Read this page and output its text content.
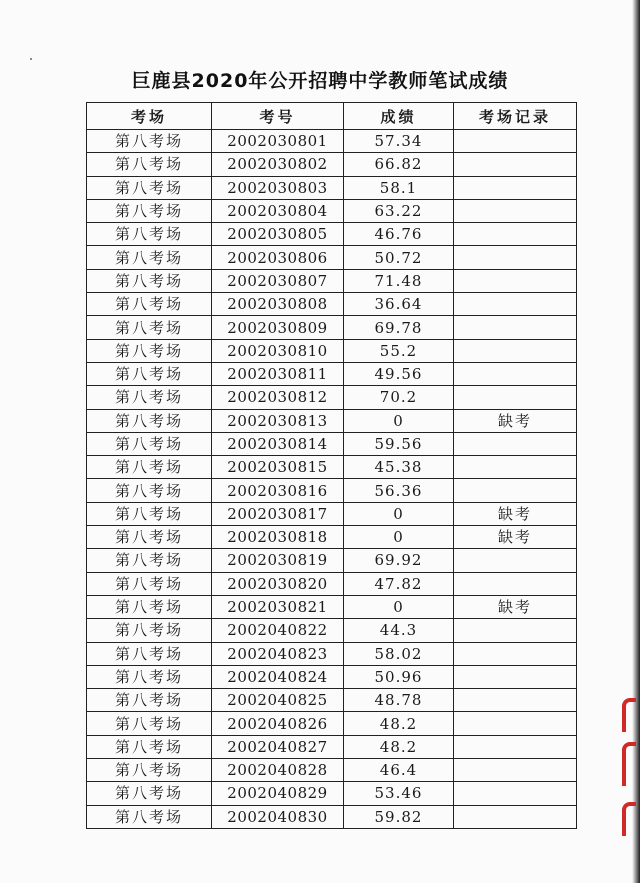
巨鹿县2020年公开招聘中学教师笔试成绩
考场	考号	成绩	考场记录
第八考场	2002030801	57.34	
第八考场	2002030802	66.82	
第八考场	2002030803	58.1	
第八考场	2002030804	63.22	
第八考场	2002030805	46.76	
第八考场	2002030806	50.72	
第八考场	2002030807	71.48	
第八考场	2002030808	36.64	
第八考场	2002030809	69.78	
第八考场	2002030810	55.2	
第八考场	2002030811	49.56	
第八考场	2002030812	70.2	
第八考场	2002030813	0	缺考
第八考场	2002030814	59.56	
第八考场	2002030815	45.38	
第八考场	2002030816	56.36	
第八考场	2002030817	0	缺考
第八考场	2002030818	0	缺考
第八考场	2002030819	69.92	
第八考场	2002030820	47.82	
第八考场	2002030821	0	缺考
第八考场	2002040822	44.3	
第八考场	2002040823	58.02	
第八考场	2002040824	50.96	
第八考场	2002040825	48.78	
第八考场	2002040826	48.2	
第八考场	2002040827	48.2	
第八考场	2002040828	46.4	
第八考场	2002040829	53.46	
第八考场	2002040830	59.82	
